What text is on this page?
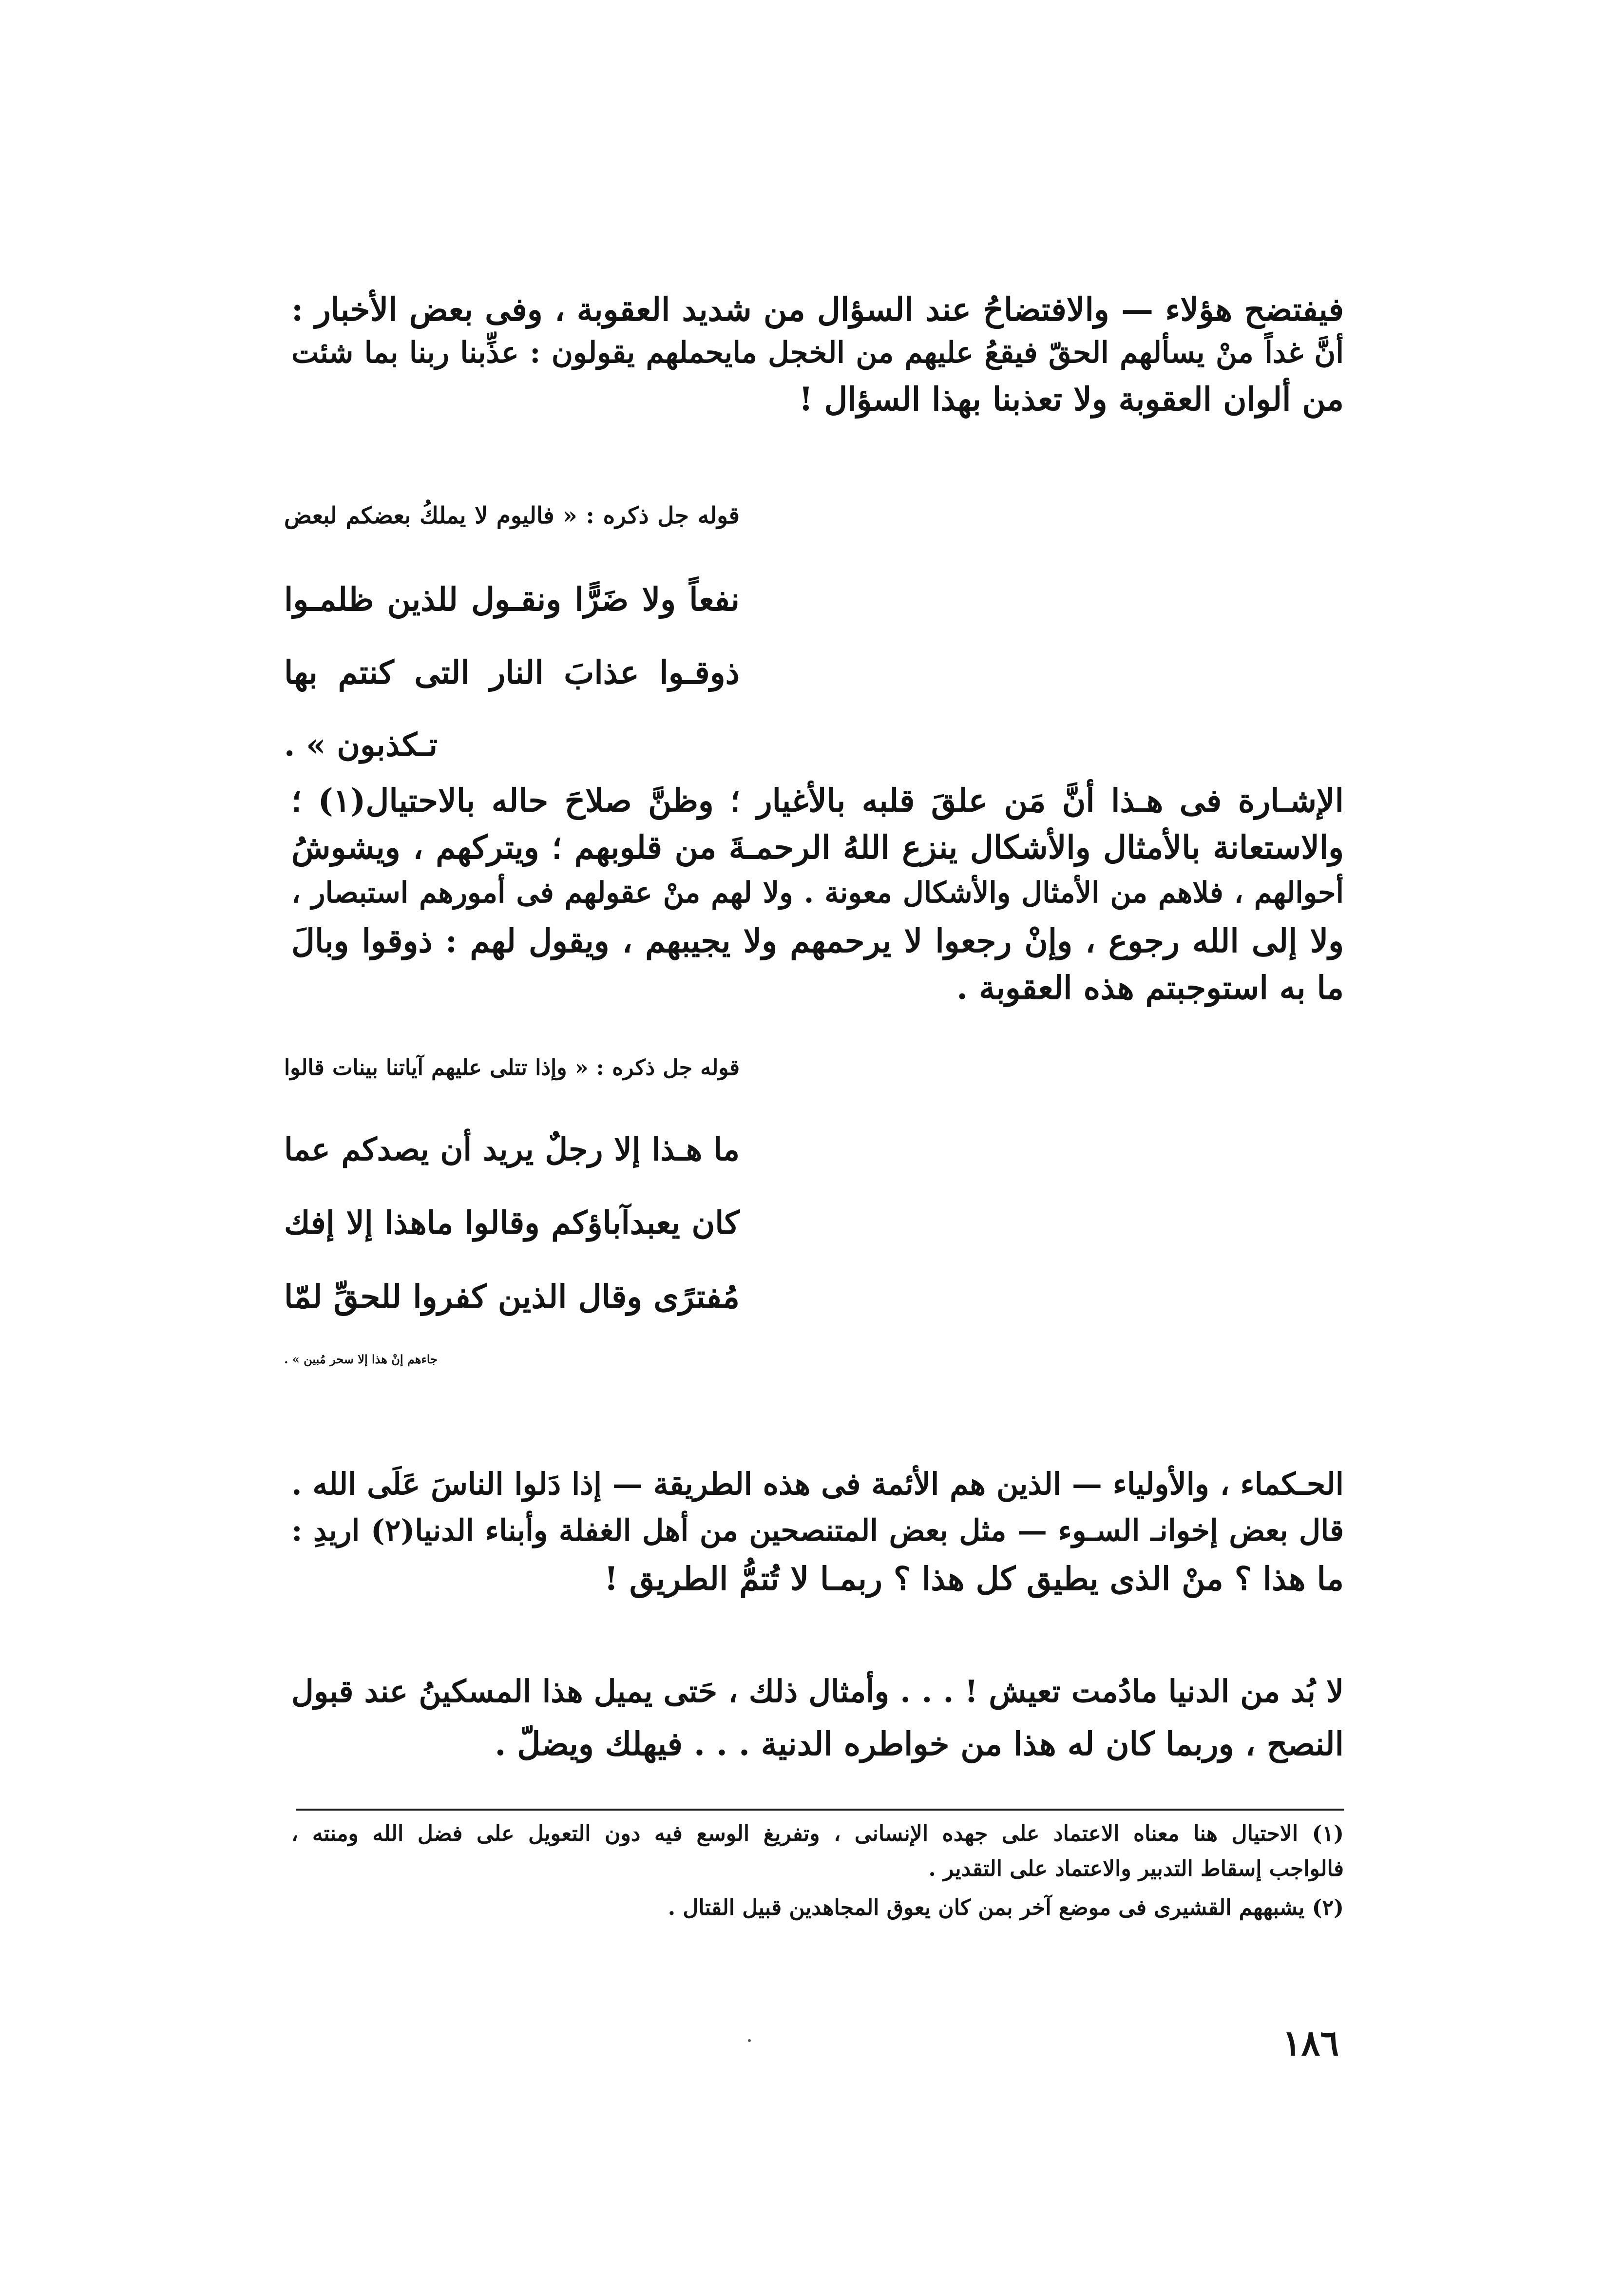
فيفتضح هؤلاء — والافتضاحُ عند السؤال من شديد العقوبة ، وفى بعض الأخبار :
أنَّ غداً منْ يسألهم الحقّ فيقعُ عليهم من الخجل مايحملهم يقولون : عذِّبنا ربنا بما شئت
من ألوان العقوبة ولا تعذبنا بهذا السؤال !
قوله جل ذكره : « فاليوم لا يملكُ بعضكم لبعض
نفعاً ولا ضَرًّا ونقـول للذين ظلمـوا
ذوقـوا عذابَ النار التى كنتم بها
تـكذبون » .
الإشـارة فى هـذا أنَّ مَن علقَ قلبه بالأغيار ؛ وظنَّ صلاحَ حاله بالاحتيال(١) ؛
والاستعانة بالأمثال والأشكال ينزع اللهُ الرحمـةَ من قلوبهم ؛ ويتركهم ، ويشوشُ
أحوالهم ، فلاهم من الأمثال والأشكال معونة . ولا لهم منْ عقولهم فى أمورهم استبصار ،
ولا إلى الله رجوع ، وإنْ رجعوا لا يرحمهم ولا يجيبهم ، ويقول لهم : ذوقوا وبالَ
ما به استوجبتم هذه العقوبة .
قوله جل ذكره : « وإذا تتلى عليهم آياتنا بينات قالوا
ما هـذا إلا رجلٌ يريد أن يصدكم عما
كان يعبدآباؤكم وقالوا ماهذا إلا إفك
مُفترًى وقال الذين كفروا للحقِّ لمّا
جاءهم إنْ هذا إلا سحر مُبين » .
الحـكماء ، والأولياء — الذين هم الأئمة فى هذه الطريقة — إذا دَلوا الناسَ عَلَى الله .
قال بعض إخوانـ السـوء — مثل بعض المتنصحين من أهل الغفلة وأبناء الدنيا(٢) اريدِ :
ما هذا ؟ منْ الذى يطيق كل هذا ؟ ربمـا لا تُتمُّ الطريق !
لا بُد من الدنيا مادُمت تعيش ! . . . وأمثال ذلك ، حَتى يميل هذا المسكينُ عند قبول
النصح ، وربما كان له هذا من خواطره الدنية . . . فيهلك ويضلّ .
(١) الاحتيال هنا معناه الاعتماد على جهده الإنسانى ، وتفريغ الوسع فيه دون التعويل على فضل الله ومنته ،
فالواجب إسقاط التدبير والاعتماد على التقدير .
(٢) يشبههم القشيرى فى موضع آخر بمن كان يعوق المجاهدين قبيل القتال .
١٨٦
